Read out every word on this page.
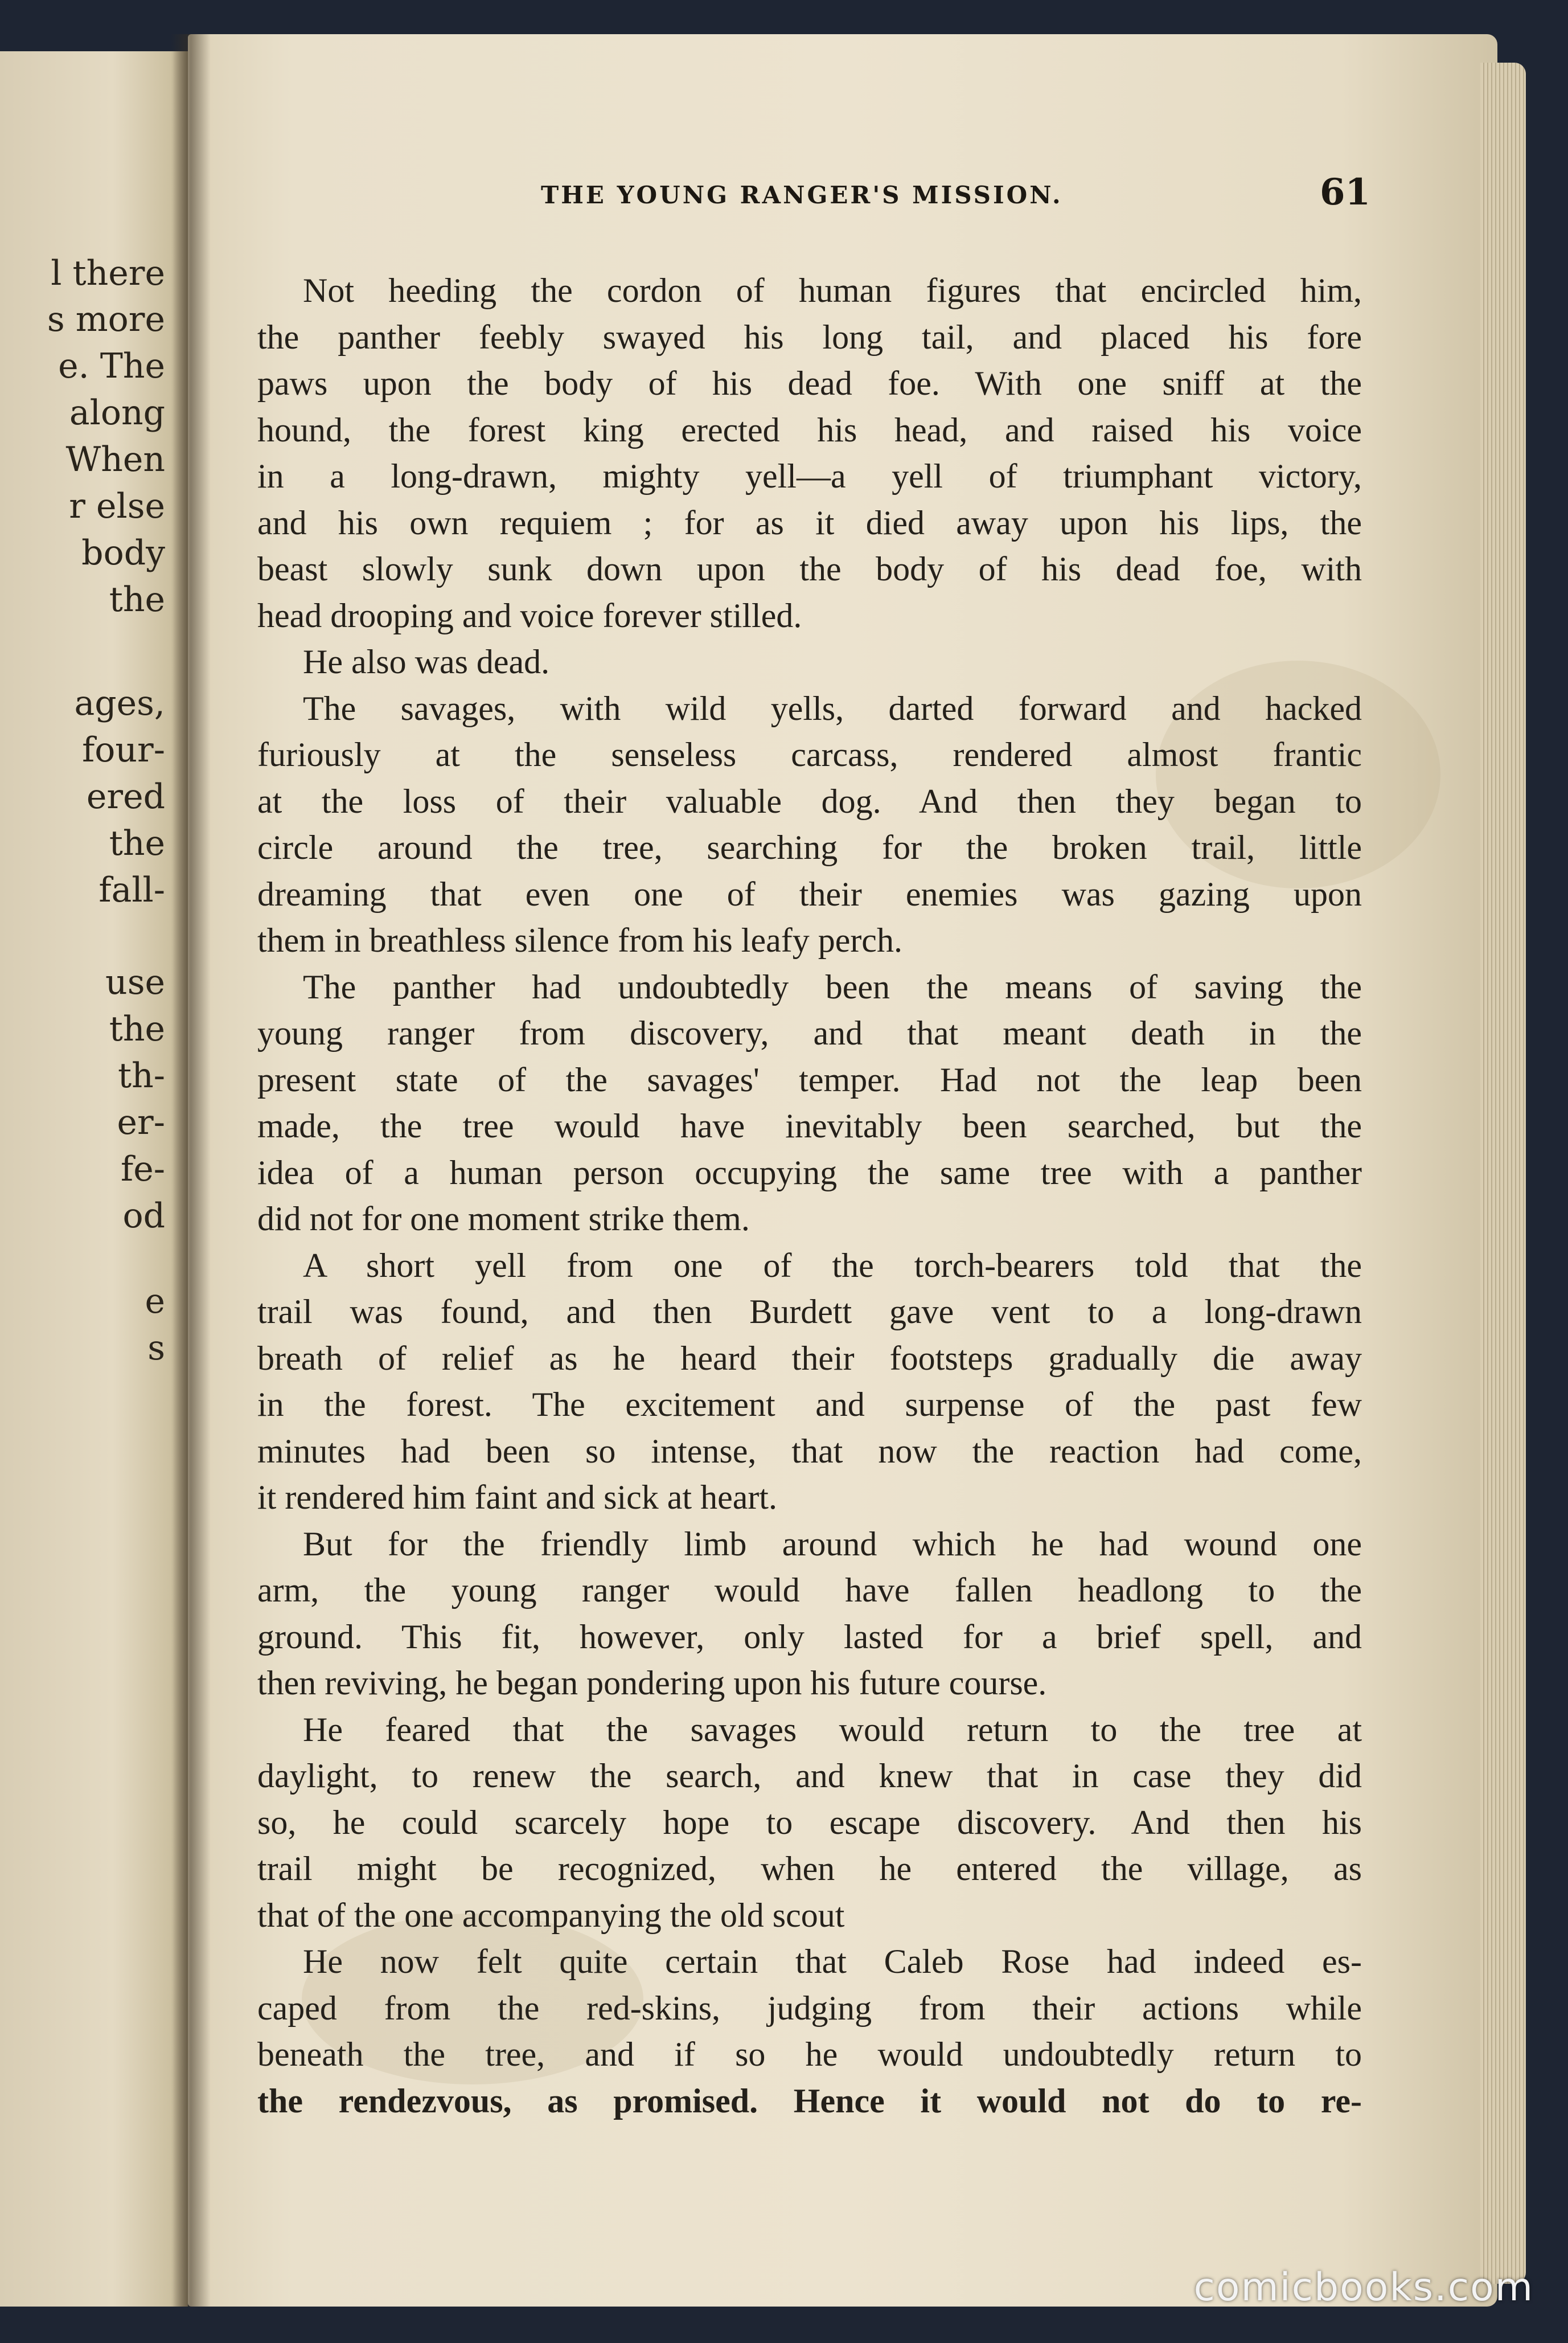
l there
s more
e. The
along
When
r else
body
the
ages,
four-
ered
the
fall-
use
the
th-
er-
fe-
od
e
s
THE YOUNG RANGER'S MISSION.	61
Not heeding the cordon of human figures that encircled him,
the panther feebly swayed his long tail, and placed his fore
paws upon the body of his dead foe. With one sniff at the
hound, the forest king erected his head, and raised his voice
in a long-drawn, mighty yell—a yell of triumphant victory,
and his own requiem ; for as it died away upon his lips, the
beast slowly sunk down upon the body of his dead foe, with
head drooping and voice forever stilled.
He also was dead.
The savages, with wild yells, darted forward and hacked
furiously at the senseless carcass, rendered almost frantic
at the loss of their valuable dog. And then they began to
circle around the tree, searching for the broken trail, little
dreaming that even one of their enemies was gazing upon
them in breathless silence from his leafy perch.
The panther had undoubtedly been the means of saving the
young ranger from discovery, and that meant death in the
present state of the savages' temper. Had not the leap been
made, the tree would have inevitably been searched, but the
idea of a human person occupying the same tree with a panther
did not for one moment strike them.
A short yell from one of the torch-bearers told that the
trail was found, and then Burdett gave vent to a long-drawn
breath of relief as he heard their footsteps gradually die away
in the forest. The excitement and surpense of the past few
minutes had been so intense, that now the reaction had come,
it rendered him faint and sick at heart.
But for the friendly limb around which he had wound one
arm, the young ranger would have fallen headlong to the
ground. This fit, however, only lasted for a brief spell, and
then reviving, he began pondering upon his future course.
He feared that the savages would return to the tree at
daylight, to renew the search, and knew that in case they did
so, he could scarcely hope to escape discovery. And then his
trail might be recognized, when he entered the village, as
that of the one accompanying the old scout
He now felt quite certain that Caleb Rose had indeed es-
caped from the red-skins, judging from their actions while
beneath the tree, and if so he would undoubtedly return to
the rendezvous, as promised. Hence it would not do to re-
comicbooks.com
